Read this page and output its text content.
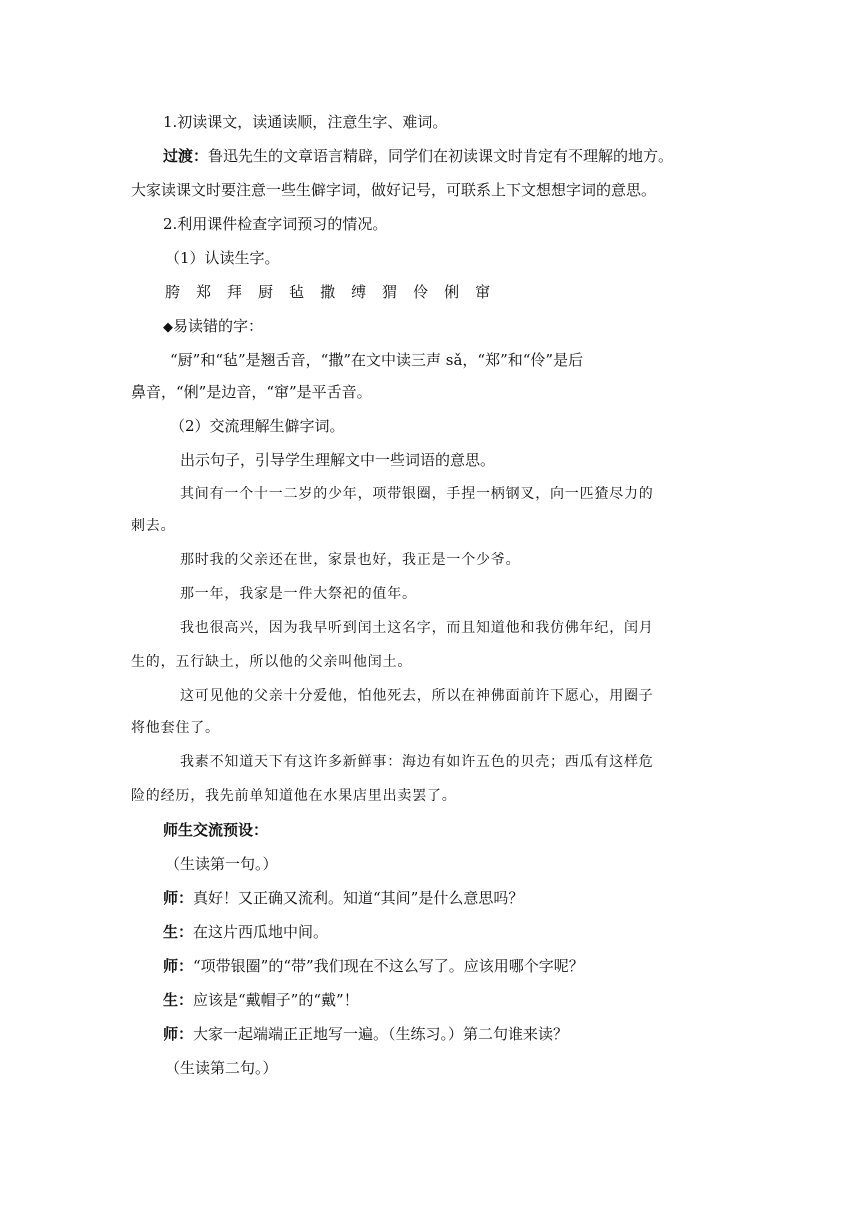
1.初读课文，读通读顺，注意生字、难词。
过渡：鲁迅先生的文章语言精辟，同学们在初读课文时肯定有不理解的地方。
大家读课文时要注意一些生僻字词，做好记号，可联系上下文想想字词的意思。
2.利用课件检查字词预习的情况。
（1）认读生字。
胯 郑 拜 厨 毡 撒 缚 猬 伶 俐 窜
◆易读错的字：
“厨”和“毡”是翘舌音，“撒”在文中读三声 sǎ，“郑”和“伶”是后
鼻音，“俐”是边音，“窜”是平舌音。
（2）交流理解生僻字词。
出示句子，引导学生理解文中一些词语的意思。
其间有一个十一二岁的少年，项带银圈，手捏一柄钢叉，向一匹猹尽力的
刺去。
那时我的父亲还在世，家景也好，我正是一个少爷。
那一年，我家是一件大祭祀的值年。
我也很高兴，因为我早听到闰土这名字，而且知道他和我仿佛年纪，闰月
生的，五行缺土，所以他的父亲叫他闰土。
这可见他的父亲十分爱他，怕他死去，所以在神佛面前许下愿心，用圈子
将他套住了。
我素不知道天下有这许多新鲜事：海边有如许五色的贝壳；西瓜有这样危
险的经历，我先前单知道他在水果店里出卖罢了。
师生交流预设：
（生读第一句。）
师：真好！又正确又流利。知道“其间”是什么意思吗？
生：在这片西瓜地中间。
师：“项带银圈”的“带”我们现在不这么写了。应该用哪个字呢？
生：应该是“戴帽子”的“戴”！
师：大家一起端端正正地写一遍。（生练习。）第二句谁来读？
（生读第二句。）
